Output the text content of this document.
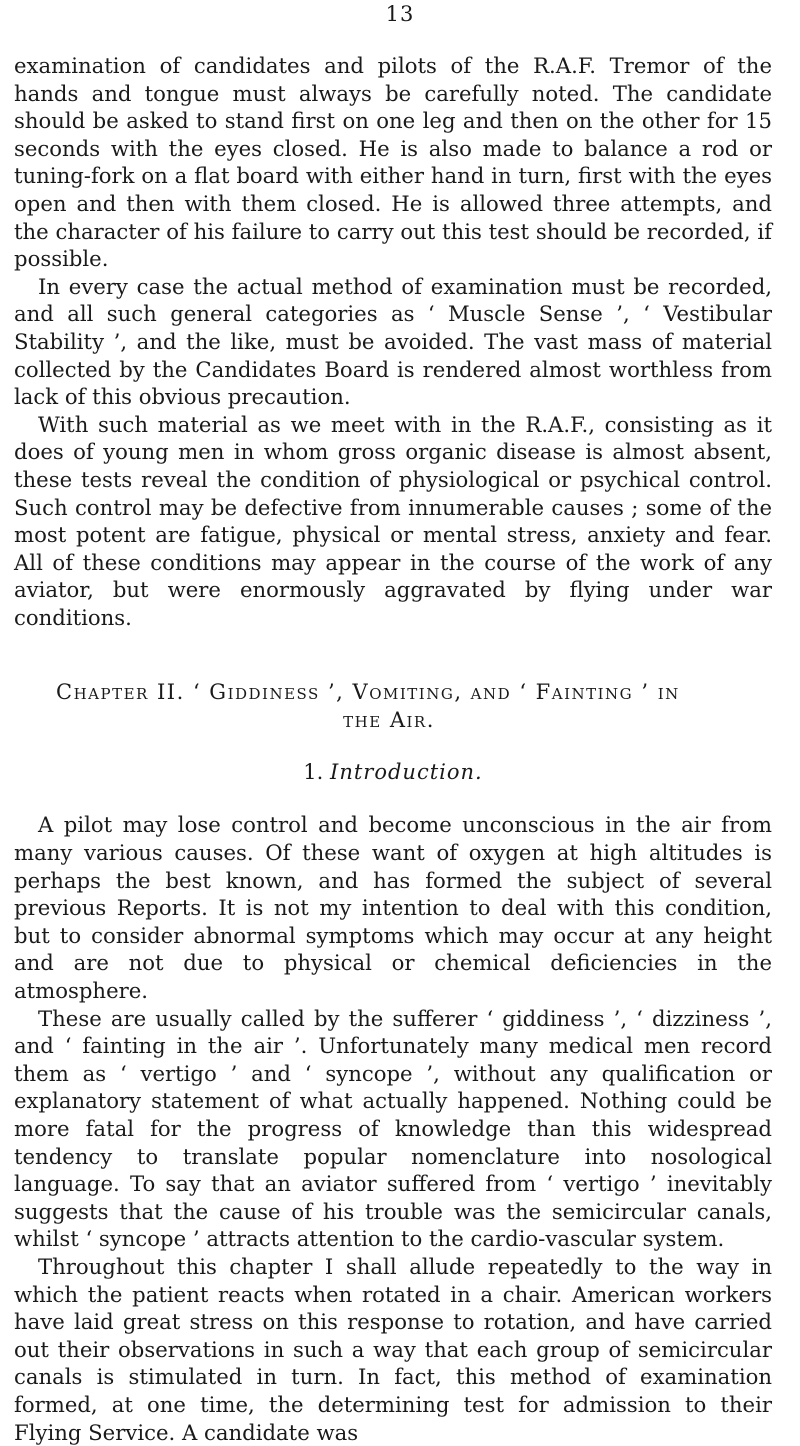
13

examination of candidates and pilots of the R.A.F. Tremor of the hands and tongue must always be carefully noted. The candidate should be asked to stand first on one leg and then on the other for 15 seconds with the eyes closed. He is also made to balance a rod or tuning-fork on a flat board with either hand in turn, first with the eyes open and then with them closed. He is allowed three attempts, and the character of his failure to carry out this test should be recorded, if possible.

In every case the actual method of examination must be recorded, and all such general categories as ‘ Muscle Sense ’, ‘ Vestibular Stability ’, and the like, must be avoided. The vast mass of material collected by the Candidates Board is rendered almost worthless from lack of this obvious precaution.

With such material as we meet with in the R.A.F., consisting as it does of young men in whom gross organic disease is almost absent, these tests reveal the condition of physiological or psychical control. Such control may be defective from innumerable causes ; some of the most potent are fatigue, physical or mental stress, anxiety and fear. All of these conditions may appear in the course of the work of any aviator, but were enormously aggravated by flying under war conditions.

Chapter II. ‘ Giddiness ’, Vomiting, and ‘ Fainting ’ in
the Air.
1. Introduction.

A pilot may lose control and become unconscious in the air from many various causes. Of these want of oxygen at high altitudes is perhaps the best known, and has formed the subject of several previous Reports. It is not my intention to deal with this condition, but to consider abnormal symptoms which may occur at any height and are not due to physical or chemical deficiencies in the atmosphere.

These are usually called by the sufferer ‘ giddiness ’, ‘ dizziness ’, and ‘ fainting in the air ’. Unfortunately many medical men record them as ‘ vertigo ’ and ‘ syncope ’, without any qualification or explanatory statement of what actually happened. Nothing could be more fatal for the progress of knowledge than this widespread tendency to translate popular nomenclature into nosological language. To say that an aviator suffered from ‘ vertigo ’ inevitably suggests that the cause of his trouble was the semicircular canals, whilst ‘ syncope ’ attracts attention to the cardio-vascular system.

Throughout this chapter I shall allude repeatedly to the way in which the patient reacts when rotated in a chair. American workers have laid great stress on this response to rotation, and have carried out their observations in such a way that each group of semicircular canals is stimulated in turn. In fact, this method of examination formed, at one time, the determining test for admission to their Flying Service. A candidate was
